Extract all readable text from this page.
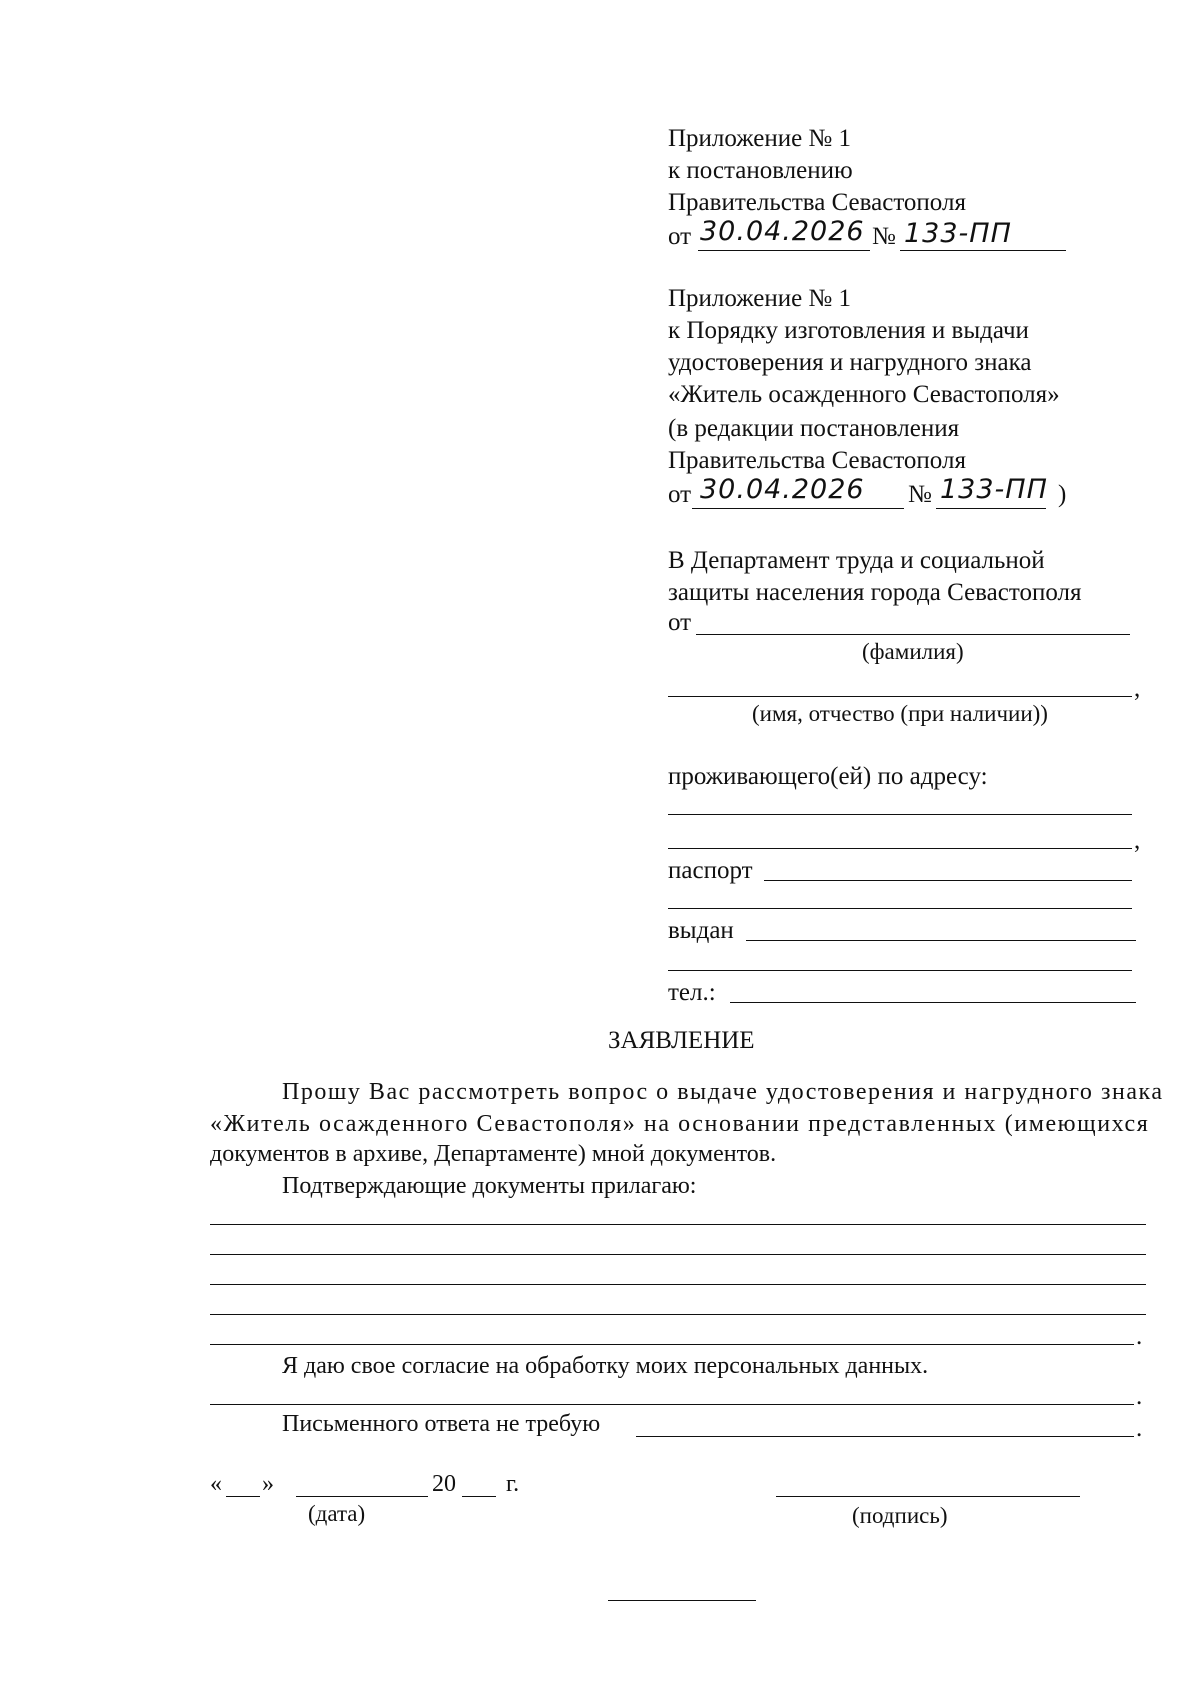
Приложение № 1
к постановлению
Правительства Севастополя
от 30.04.2026 № 133-ПП
Приложение № 1
к Порядку изготовления и выдачи
удостоверения и нагрудного знака
«Житель осажденного Севастополя»
(в редакции постановления
Правительства Севастополя
от 30.04.2026 № 133-ПП )
В Департамент труда и социальной
защиты населения города Севастополя
от
(фамилия)
,
(имя, отчество (при наличии))
проживающего(ей) по адресу:
,
паспорт
выдан
тел.:
ЗАЯВЛЕНИЕ
Прошу Вас рассмотреть вопрос о выдаче удостоверения и нагрудного знака
«Житель осажденного Севастополя» на основании представленных (имеющихся
документов в архиве, Департаменте) мной документов.
Подтверждающие документы прилагаю:
.
Я даю свое согласие на обработку моих персональных данных.
.
Письменного ответа не требую	.
« »	20 г.
(дата)	(подпись)
